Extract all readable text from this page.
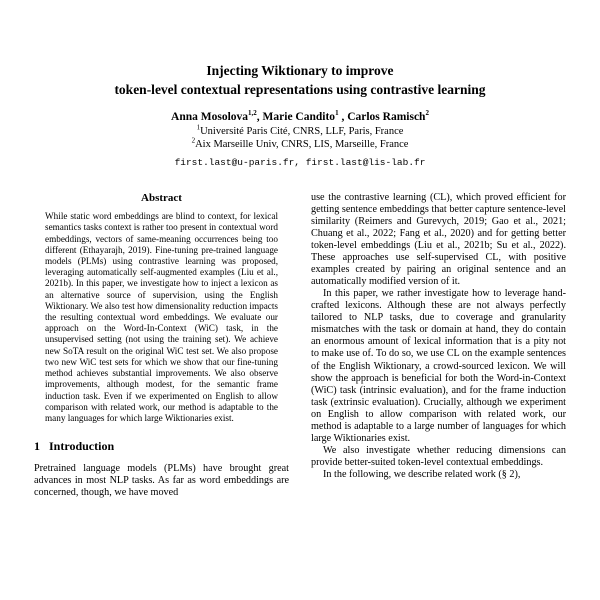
Injecting Wiktionary to improve
token-level contextual representations using contrastive learning
Anna Mosolova$^{1,2}$, Marie Candito$^1$ , Carlos Ramisch$^2$
$^1$Université Paris Cité, CNRS, LLF, Paris, France
$^2$Aix Marseille Univ, CNRS, LIS, Marseille, France
first.last@u-paris.fr, first.last@lis-lab.fr
Abstract

While static word embeddings are blind to context, for lexical semantics tasks context is rather too present in contextual word embeddings, vectors of same-meaning occurrences being too different (Ethayarajh, 2019). Fine-tuning pre-trained language models (PLMs) using contrastive learning was proposed, leveraging automatically self-augmented examples (Liu et al., 2021b). In this paper, we investigate how to inject a lexicon as an alternative source of supervision, using the English Wiktionary. We also test how dimensionality reduction impacts the resulting contextual word embeddings. We evaluate our approach on the Word-In-Context (WiC) task, in the unsupervised setting (not using the training set). We achieve new SoTA result on the original WiC test set. We also propose two new WiC test sets for which we show that our fine-tuning method achieves substantial improvements. We also observe improvements, although modest, for the semantic frame induction task. Even if we experimented on English to allow comparison with related work, our method is adaptable to the many languages for which large Wiktionaries exist.

1 Introduction

Pretrained language models (PLMs) have brought great advances in most NLP tasks. As far as word embeddings are concerned, though, we have moved

use the contrastive learning (CL), which proved efficient for getting sentence embeddings that better capture sentence-level similarity (Reimers and Gurevych, 2019; Gao et al., 2021; Chuang et al., 2022; Fang et al., 2020) and for getting better token-level embeddings (Liu et al., 2021b; Su et al., 2022). These approaches use self-supervised CL, with positive examples created by pairing an original sentence and an automatically modified version of it.

In this paper, we rather investigate how to leverage hand-crafted lexicons. Although these are not always perfectly tailored to NLP tasks, due to coverage and granularity mismatches with the task or domain at hand, they do contain an enormous amount of lexical information that is a pity not to make use of. To do so, we use CL on the example sentences of the English Wiktionary, a crowd-sourced lexicon. We will show the approach is beneficial for both the Word-in-Context (WiC) task (intrinsic evaluation), and for the frame induction task (extrinsic evaluation). Crucially, although we experiment on English to allow comparison with related work, our method is adaptable to a large number of languages for which large Wiktionaries exist.

We also investigate whether reducing dimensions can provide better-suited token-level contextual embeddings.

In the following, we describe related work (§ 2),
